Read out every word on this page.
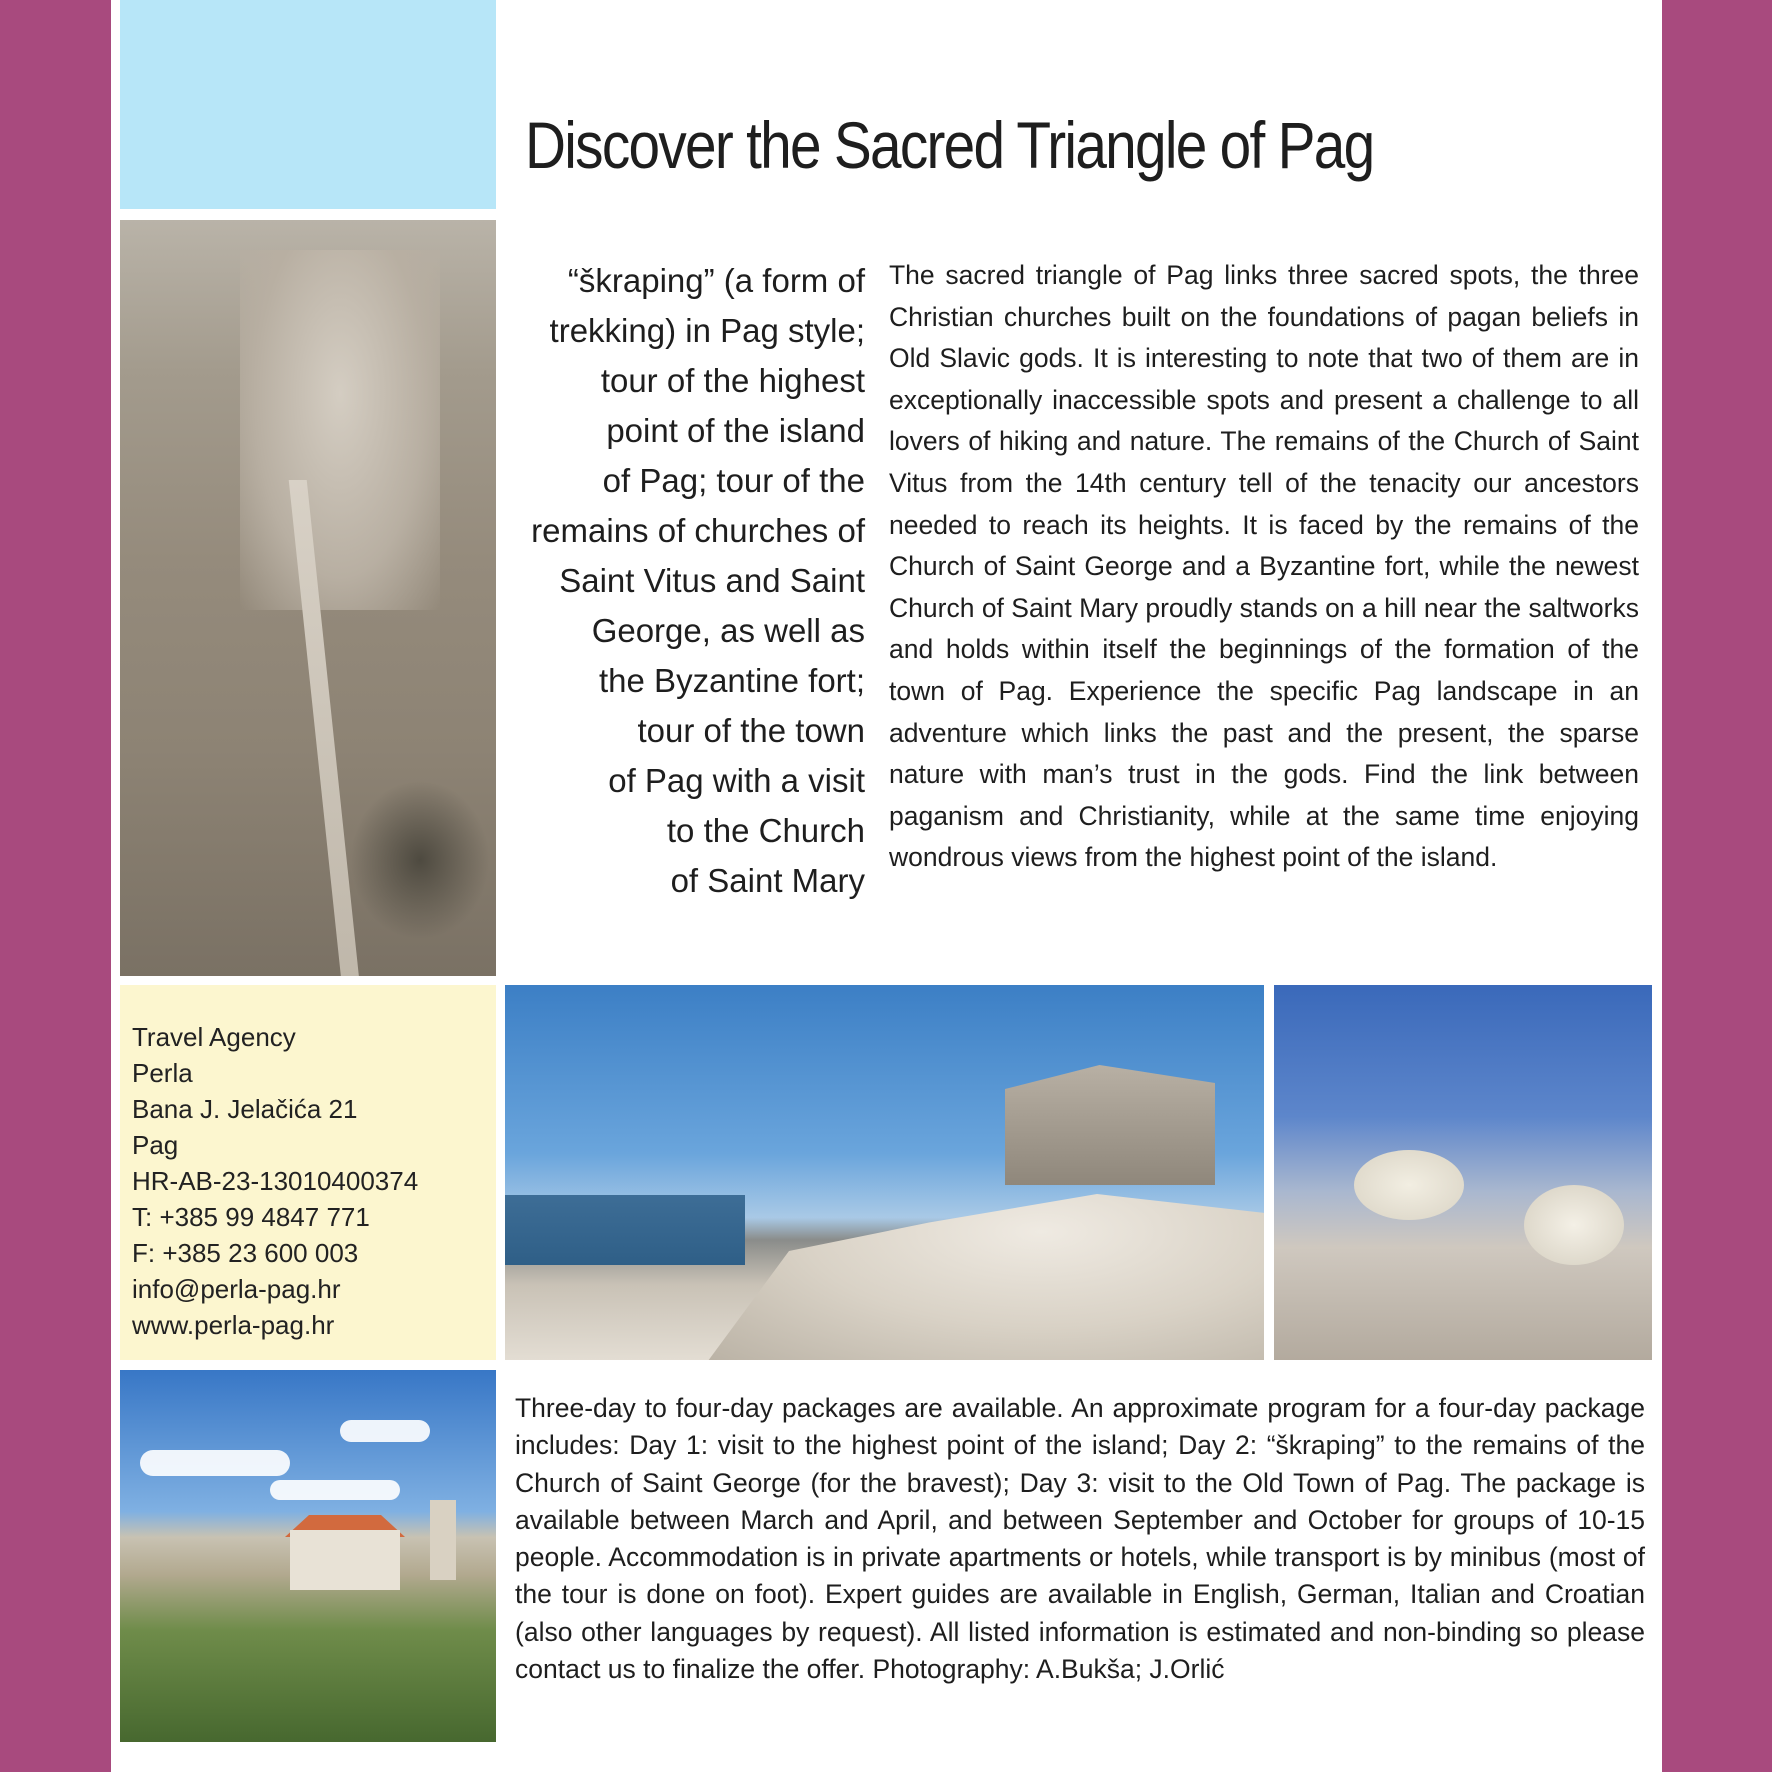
Discover the Sacred Triangle of Pag
“škraping” (a form of
trekking) in Pag style;
tour of the highest
point of the island
of Pag; tour of the
remains of churches of
Saint Vitus and Saint
George, as well as
the Byzantine fort;
tour of the town
of Pag with a visit
to the Church
of Saint Mary
The sacred triangle of Pag links three sacred spots, the three Christian churches built on the foundations of pagan beliefs in Old Slavic gods. It is interesting to note that two of them are in exceptionally inaccessible spots and present a challenge to all lovers of hiking and nature. The remains of the Church of Saint Vitus from the 14th century tell of the tenacity our ancestors needed to reach its heights. It is faced by the remains of the Church of Saint George and a Byzantine fort, while the newest Church of Saint Mary proudly stands on a hill near the saltworks and holds within itself the beginnings of the formation of the town of Pag. Experience the specific Pag landscape in an adventure which links the past and the present, the sparse nature with man’s trust in the gods. Find the link between paganism and Christianity, while at the same time enjoying wondrous views from the highest point of the island.
Travel Agency
Perla
Bana J. Jelačića 21
Pag
HR-AB-23-13010400374
T: +385 99 4847 771
F: +385 23 600 003
info@perla-pag.hr
www.perla-pag.hr
Three-day to four-day packages are available. An approximate program for a four-day package includes: Day 1: visit to the highest point of the island; Day 2: “škraping” to the remains of the Church of Saint George (for the bravest); Day 3: visit to the Old Town of Pag. The package is available between March and April, and between September and October for groups of 10-15 people. Accommodation is in private apartments or hotels, while transport is by minibus (most of the tour is done on foot). Expert guides are available in English, German, Italian and Croatian (also other languages by request). All listed information is estimated and non-binding so please contact us to finalize the offer. Photography: A.Bukša; J.Orlić
